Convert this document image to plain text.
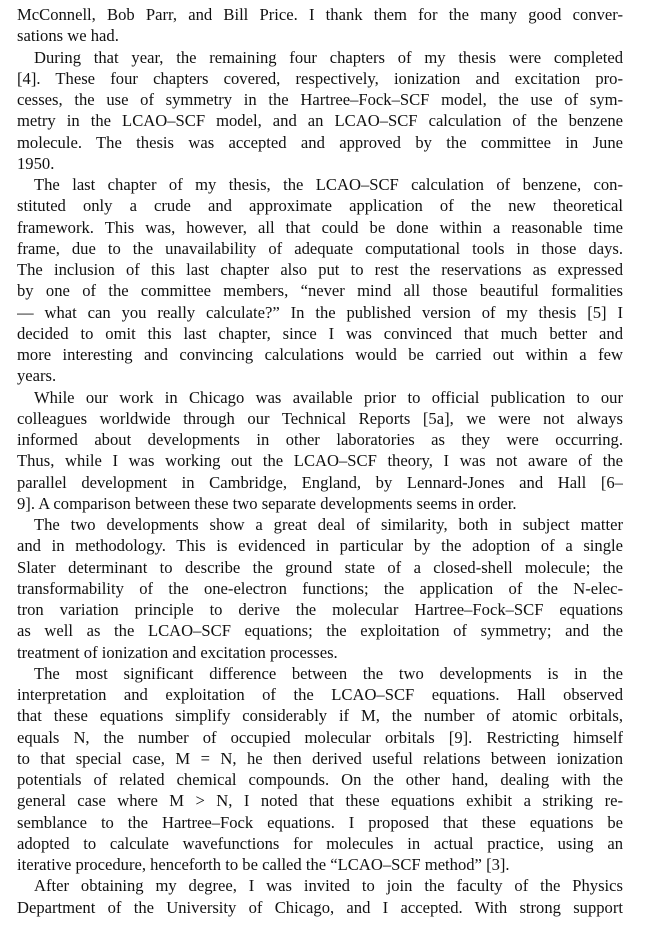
McConnell, Bob Parr, and Bill Price. I thank them for the many good conver-
sations we had.
During that year, the remaining four chapters of my thesis were completed
[4]. These four chapters covered, respectively, ionization and excitation pro-
cesses, the use of symmetry in the Hartree–Fock–SCF model, the use of sym-
metry in the LCAO–SCF model, and an LCAO–SCF calculation of the benzene
molecule. The thesis was accepted and approved by the committee in June
1950.
The last chapter of my thesis, the LCAO–SCF calculation of benzene, con-
stituted only a crude and approximate application of the new theoretical
framework. This was, however, all that could be done within a reasonable time
frame, due to the unavailability of adequate computational tools in those days.
The inclusion of this last chapter also put to rest the reservations as expressed
by one of the committee members, “never mind all those beautiful formalities
— what can you really calculate?” In the published version of my thesis [5] I
decided to omit this last chapter, since I was convinced that much better and
more interesting and convincing calculations would be carried out within a few
years.
While our work in Chicago was available prior to official publication to our
colleagues worldwide through our Technical Reports [5a], we were not always
informed about developments in other laboratories as they were occurring.
Thus, while I was working out the LCAO–SCF theory, I was not aware of the
parallel development in Cambridge, England, by Lennard-Jones and Hall [6–
9]. A comparison between these two separate developments seems in order.
The two developments show a great deal of similarity, both in subject matter
and in methodology. This is evidenced in particular by the adoption of a single
Slater determinant to describe the ground state of a closed-shell molecule; the
transformability of the one-electron functions; the application of the N-elec-
tron variation principle to derive the molecular Hartree–Fock–SCF equations
as well as the LCAO–SCF equations; the exploitation of symmetry; and the
treatment of ionization and excitation processes.
The most significant difference between the two developments is in the
interpretation and exploitation of the LCAO–SCF equations. Hall observed
that these equations simplify considerably if M, the number of atomic orbitals,
equals N, the number of occupied molecular orbitals [9]. Restricting himself
to that special case, M = N, he then derived useful relations between ionization
potentials of related chemical compounds. On the other hand, dealing with the
general case where M > N, I noted that these equations exhibit a striking re-
semblance to the Hartree–Fock equations. I proposed that these equations be
adopted to calculate wavefunctions for molecules in actual practice, using an
iterative procedure, henceforth to be called the “LCAO–SCF method” [3].
After obtaining my degree, I was invited to join the faculty of the Physics
Department of the University of Chicago, and I accepted. With strong support
